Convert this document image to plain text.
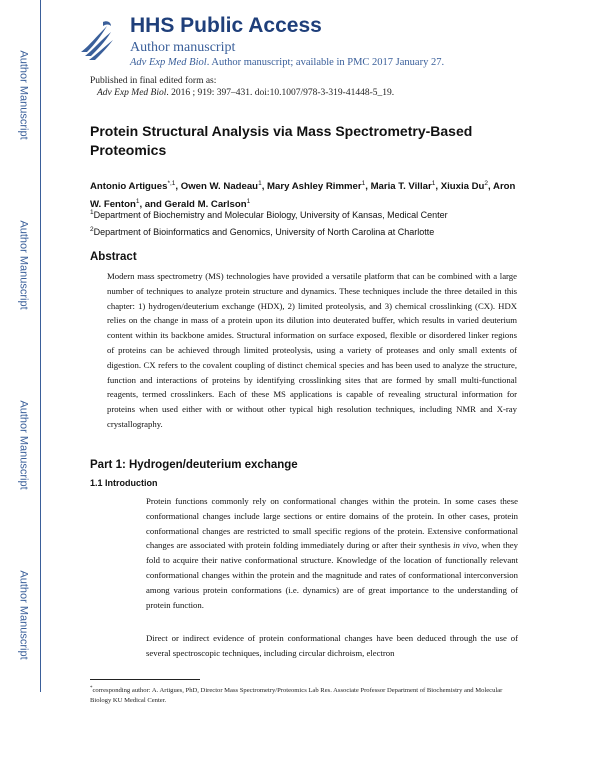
Author Manuscript
Author Manuscript
Author Manuscript
Author Manuscript
HHS Public Access
Author manuscript
Adv Exp Med Biol. Author manuscript; available in PMC 2017 January 27.
Published in final edited form as:
Adv Exp Med Biol. 2016 ; 919: 397–431. doi:10.1007/978-3-319-41448-5_19.
Protein Structural Analysis via Mass Spectrometry-Based Proteomics
Antonio Artigues$^{*,1}$, Owen W. Nadeau$^1$, Mary Ashley Rimmer$^1$, Maria T. Villar$^1$, Xiuxia Du$^2$, Aron W. Fenton$^1$, and Gerald M. Carlson$^1$
$^1$Department of Biochemistry and Molecular Biology, University of Kansas, Medical Center
$^2$Department of Bioinformatics and Genomics, University of North Carolina at Charlotte
Abstract
Modern mass spectrometry (MS) technologies have provided a versatile platform that can be combined with a large number of techniques to analyze protein structure and dynamics. These techniques include the three detailed in this chapter: 1) hydrogen/deuterium exchange (HDX), 2) limited proteolysis, and 3) chemical crosslinking (CX). HDX relies on the change in mass of a protein upon its dilution into deuterated buffer, which results in varied deuterium content within its backbone amides. Structural information on surface exposed, flexible or disordered linker regions of proteins can be achieved through limited proteolysis, using a variety of proteases and only small extents of digestion. CX refers to the covalent coupling of distinct chemical species and has been used to analyze the structure, function and interactions of proteins by identifying crosslinking sites that are formed by small multi-functional reagents, termed crosslinkers. Each of these MS applications is capable of revealing structural information for proteins when used either with or without other typical high resolution techniques, including NMR and X-ray crystallography.
Part 1: Hydrogen/deuterium exchange
1.1 Introduction
Protein functions commonly rely on conformational changes within the protein. In some cases these conformational changes include large sections or entire domains of the protein. In other cases, protein conformational changes are restricted to small specific regions of the protein. Extensive conformational changes are associated with protein folding immediately during or after their synthesis in vivo, when they fold to acquire their native conformational structure. Knowledge of the location of functionally relevant conformational changes within the protein and the magnitude and rates of conformational interconversion among various protein conformations (i.e. dynamics) are of great importance to the understanding of protein function.
Direct or indirect evidence of protein conformational changes have been deduced through the use of several spectroscopic techniques, including circular dichroism, electron
*corresponding author: A. Artigues, PhD, Director Mass Spectrometry/Proteomics Lab Res. Associate Professor Department of Biochemistry and Molecular Biology KU Medical Center.
